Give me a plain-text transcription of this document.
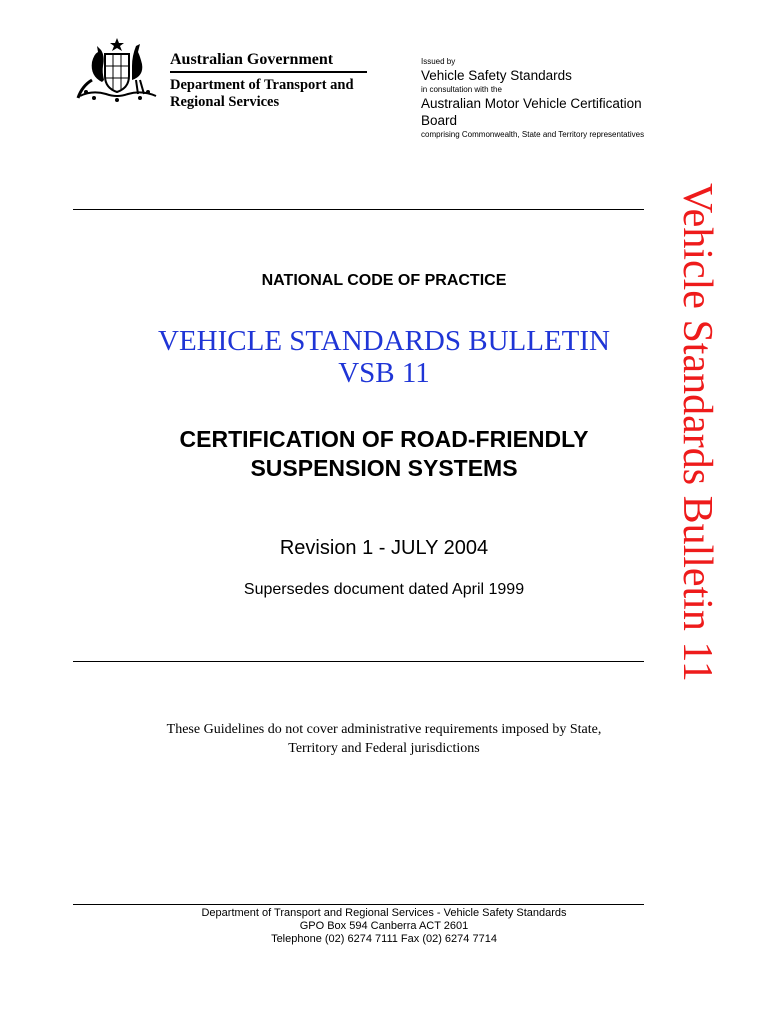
Australian Government
Department of Transport and
Regional Services
Issued by
Vehicle Safety Standards
in consultation with the
Australian Motor Vehicle Certification
Board
comprising Commonwealth, State and Territory representatives
NATIONAL CODE OF PRACTICE
VEHICLE STANDARDS BULLETIN
VSB 11
CERTIFICATION OF ROAD-FRIENDLY
SUSPENSION SYSTEMS
Revision 1 - JULY 2004
Supersedes document dated April 1999
These Guidelines do not cover administrative requirements imposed by State,
Territory and Federal jurisdictions
Department of Transport and Regional Services - Vehicle Safety Standards
GPO Box 594 Canberra ACT 2601
Telephone (02) 6274 7111 Fax (02) 6274 7714
Vehicle Standards Bulletin 11
